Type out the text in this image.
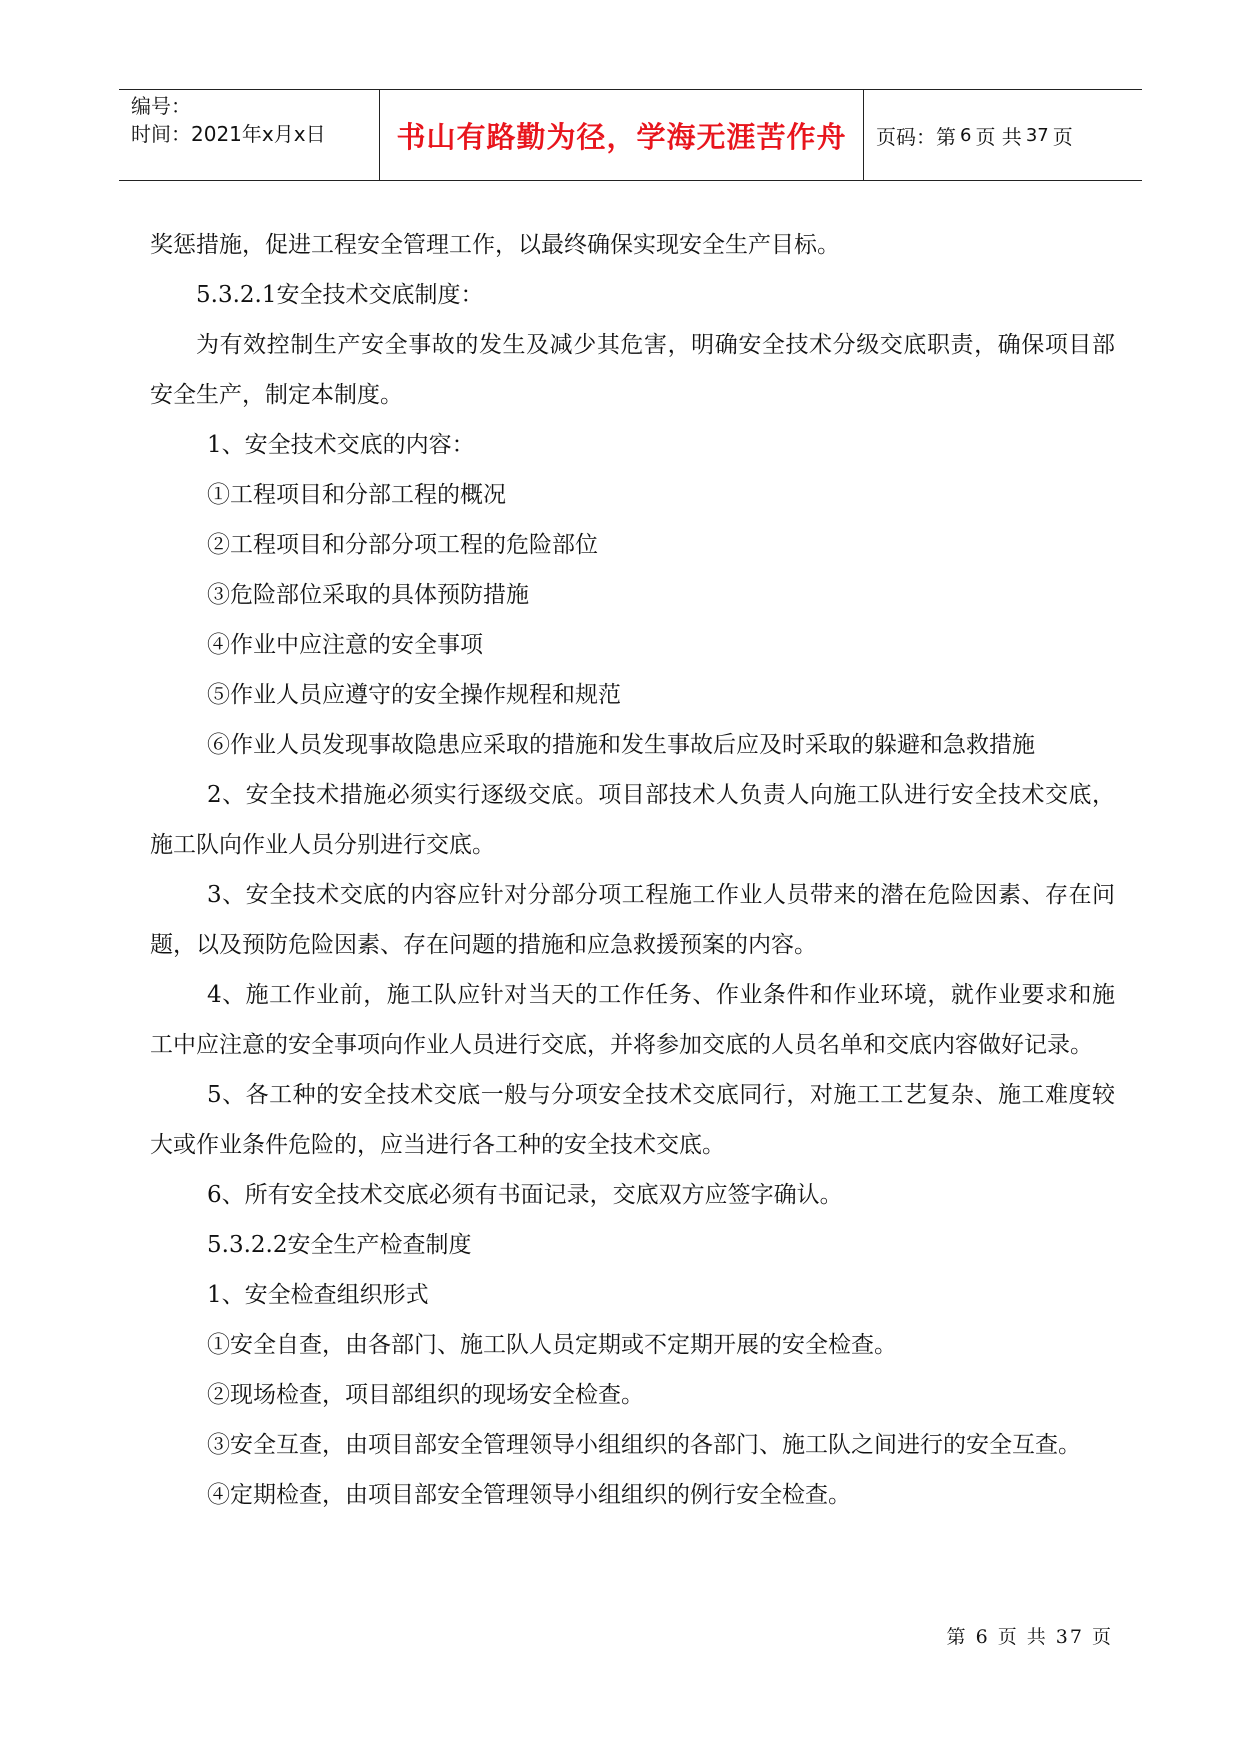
编号：
时间：2021年x月x日	书山有路勤为径，学海无涯苦作舟	页码：第 6 页 共 37 页

奖惩措施，促进工程安全管理工作，以最终确保实现安全生产目标。

5.3.2.1安全技术交底制度：

为有效控制生产安全事故的发生及减少其危害，明确安全技术分级交底职责，确保项目部安全生产，制定本制度。

1、安全技术交底的内容：

①工程项目和分部工程的概况

②工程项目和分部分项工程的危险部位

③危险部位采取的具体预防措施

④作业中应注意的安全事项

⑤作业人员应遵守的安全操作规程和规范

⑥作业人员发现事故隐患应采取的措施和发生事故后应及时采取的躲避和急救措施

2、安全技术措施必须实行逐级交底。项目部技术人负责人向施工队进行安全技术交底，施工队向作业人员分别进行交底。

3、安全技术交底的内容应针对分部分项工程施工作业人员带来的潜在危险因素、存在问题，以及预防危险因素、存在问题的措施和应急救援预案的内容。

4、施工作业前，施工队应针对当天的工作任务、作业条件和作业环境，就作业要求和施工中应注意的安全事项向作业人员进行交底，并将参加交底的人员名单和交底内容做好记录。

5、各工种的安全技术交底一般与分项安全技术交底同行，对施工工艺复杂、施工难度较大或作业条件危险的，应当进行各工种的安全技术交底。

6、所有安全技术交底必须有书面记录，交底双方应签字确认。

5.3.2.2安全生产检查制度

1、安全检查组织形式

①安全自查，由各部门、施工队人员定期或不定期开展的安全检查。

②现场检查，项目部组织的现场安全检查。

③安全互查，由项目部安全管理领导小组组织的各部门、施工队之间进行的安全互查。

④定期检查，由项目部安全管理领导小组组织的例行安全检查。

第 6 页 共 37 页
